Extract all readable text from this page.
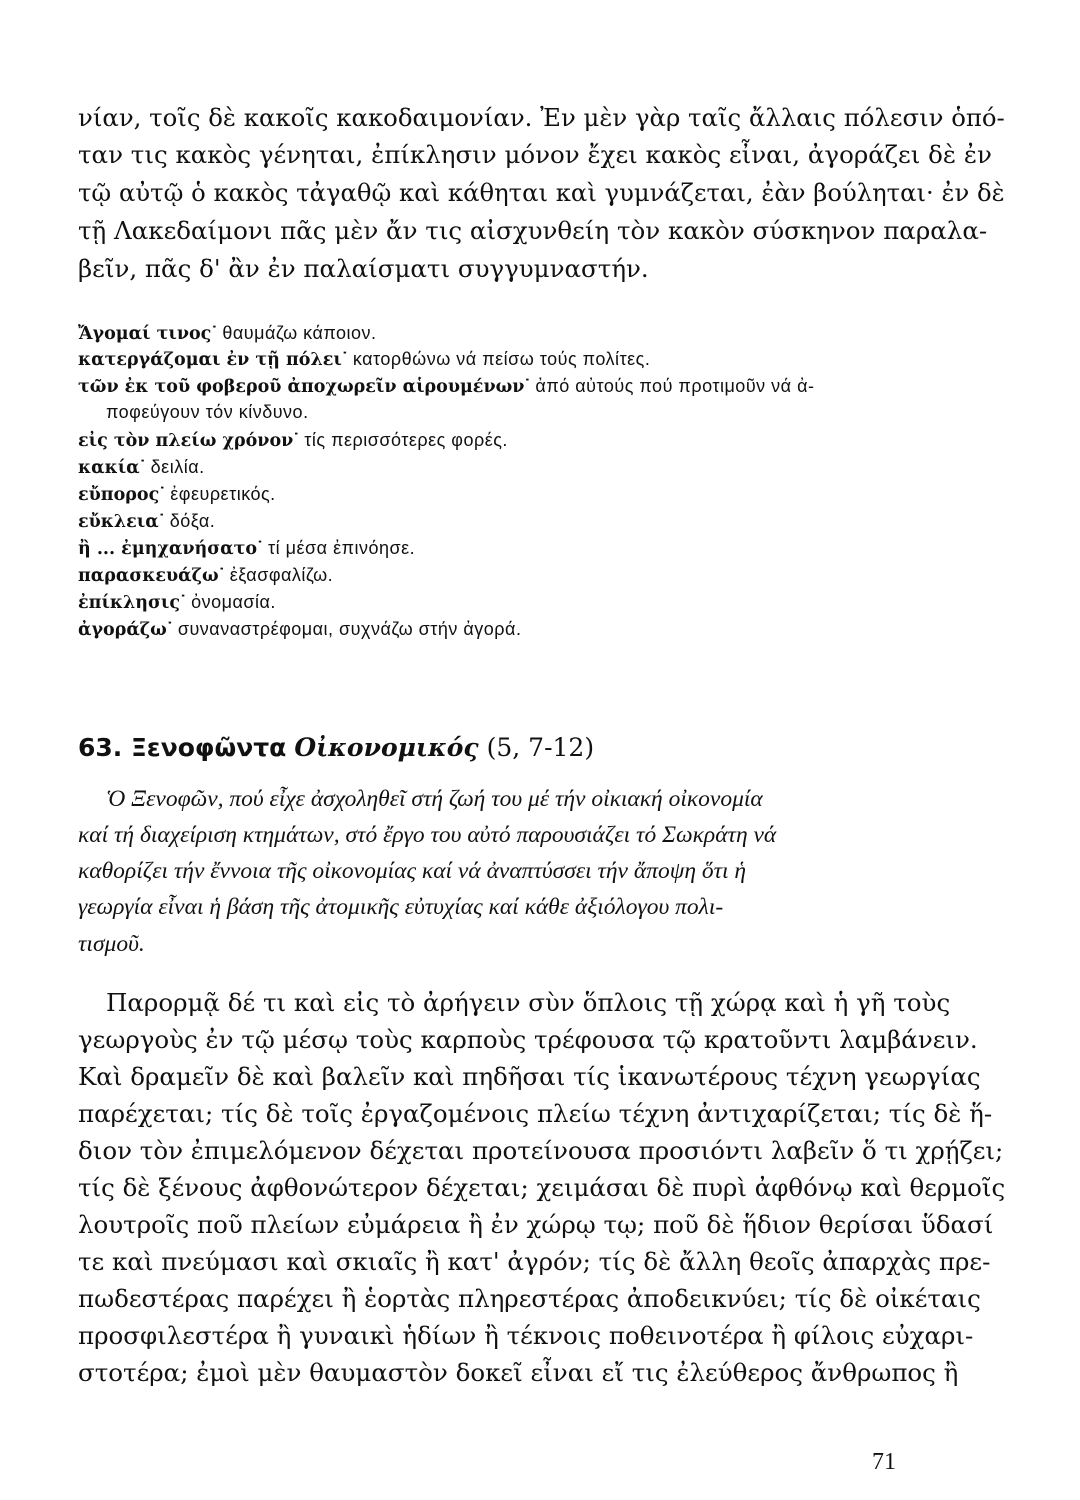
νίαν, τοῖς δὲ κακοῖς κακοδαιμονίαν. Ἐν μὲν γὰρ ταῖς ἄλλαις πόλεσιν ὁπό-
ταν τις κακὸς γένηται, ἐπίκλησιν μόνον ἔχει κακὸς εἶναι, ἀγοράζει δὲ ἐν
τῷ αὐτῷ ὁ κακὸς τἀγαθῷ καὶ κάθηται καὶ γυμνάζεται, ἐὰν βούληται· ἐν δὲ
τῇ Λακεδαίμονι πᾶς μὲν ἄν τις αἰσχυνθείη τὸν κακὸν σύσκηνον παραλα-
βεῖν, πᾶς δ' ἂν ἐν παλαίσματι συγγυμναστήν.
Ἄγομαί τινος˙ θαυμάζω κάποιον.
κατεργάζομαι ἐν τῇ πόλει˙ κατορθώνω νά πείσω τούς πολίτες.
τῶν ἐκ τοῦ φοβεροῦ ἀποχωρεῖν αἱρουμένων˙ ἀπό αὐτούς πού προτιμοῦν νά ἀ-
ποφεύγουν τόν κίνδυνο.
εἰς τὸν πλείω χρόνον˙ τίς περισσότερες φορές.
κακία˙ δειλία.
εὔπορος˙ ἐφευρετικός.
εὔκλεια˙ δόξα.
ἢ ... ἐμηχανήσατο˙ τί μέσα ἐπινόησε.
παρασκευάζω˙ ἐξασφαλίζω.
ἐπίκλησις˙ ὀνομασία.
ἀγοράζω˙ συναναστρέφομαι, συχνάζω στήν ἀγορά.
63. Ξενοφῶντα Οἰκονομικός (5, 7-12)
Ὁ Ξενοφῶν, πού εἶχε ἀσχοληθεῖ στή ζωή του μέ τήν οἰκιακή οἰκονομία
καί τή διαχείριση κτημάτων, στό ἔργο του αὐτό παρουσιάζει τό Σωκράτη νά
καθορίζει τήν ἔννοια τῆς οἰκονομίας καί νά ἀναπτύσσει τήν ἄποψη ὅτι ἡ
γεωργία εἶναι ἡ βάση τῆς ἀτομικῆς εὐτυχίας καί κάθε ἀξιόλογου πολι-
τισμοῦ.
Παρορμᾷ δέ τι καὶ εἰς τὸ ἀρήγειν σὺν ὅπλοις τῇ χώρᾳ καὶ ἡ γῆ τοὺς
γεωργοὺς ἐν τῷ μέσῳ τοὺς καρποὺς τρέφουσα τῷ κρατοῦντι λαμβάνειν.
Καὶ δραμεῖν δὲ καὶ βαλεῖν καὶ πηδῆσαι τίς ἱκανωτέρους τέχνη γεωργίας
παρέχεται; τίς δὲ τοῖς ἐργαζομένοις πλείω τέχνη ἀντιχαρίζεται; τίς δὲ ἥ-
διον τὸν ἐπιμελόμενον δέχεται προτείνουσα προσιόντι λαβεῖν ὅ τι χρῄζει;
τίς δὲ ξένους ἀφθονώτερον δέχεται; χειμάσαι δὲ πυρὶ ἀφθόνῳ καὶ θερμοῖς
λουτροῖς ποῦ πλείων εὐμάρεια ἢ ἐν χώρῳ τῳ; ποῦ δὲ ἥδιον θερίσαι ὕδασί
τε καὶ πνεύμασι καὶ σκιαῖς ἢ κατ' ἀγρόν; τίς δὲ ἄλλη θεοῖς ἀπαρχὰς πρε-
πωδεστέρας παρέχει ἢ ἑορτὰς πληρεστέρας ἀποδεικνύει; τίς δὲ οἰκέταις
προσφιλεστέρα ἢ γυναικὶ ἡδίων ἢ τέκνοις ποθεινοτέρα ἢ φίλοις εὐχαρι-
στοτέρα; ἐμοὶ μὲν θαυμαστὸν δοκεῖ εἶναι εἴ τις ἐλεύθερος ἄνθρωπος ἢ
71
